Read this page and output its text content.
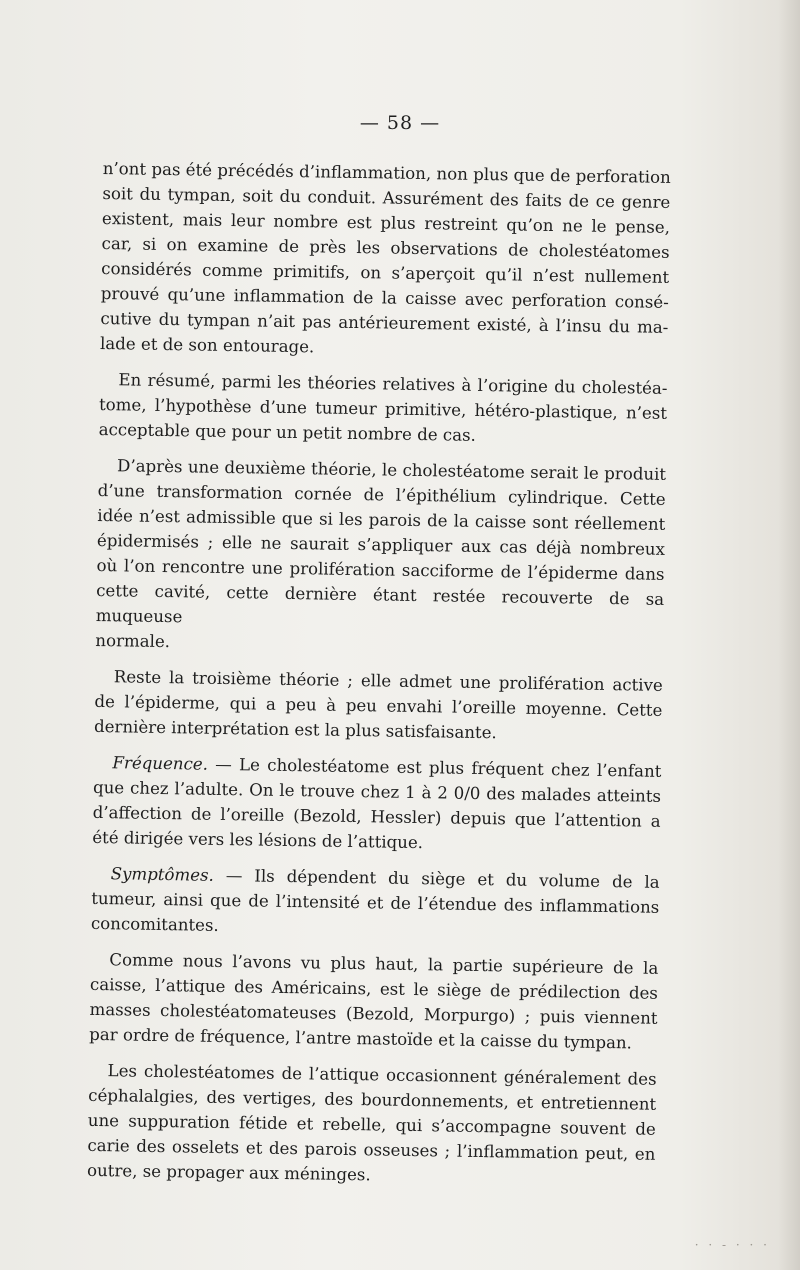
— 58 —
n’ont pas été précédés d’inflammation, non plus que de perforation
soit du tympan, soit du conduit. Assurément des faits de ce genre
existent, mais leur nombre est plus restreint qu’on ne le pense,
car, si on examine de près les observations de cholestéatomes
considérés comme primitifs, on s’aperçoit qu’il n’est nullement
prouvé qu’une inflammation de la caisse avec perforation consé-
cutive du tympan n’ait pas antérieurement existé, à l’insu du ma-
lade et de son entourage.
En résumé, parmi les théories relatives à l’origine du cholestéa-
tome, l’hypothèse d’une tumeur primitive, hétéro-plastique, n’est
acceptable que pour un petit nombre de cas.
D’après une deuxième théorie, le cholestéatome serait le produit
d’une transformation cornée de l’épithélium cylindrique. Cette
idée n’est admissible que si les parois de la caisse sont réellement
épidermisés ; elle ne saurait s’appliquer aux cas déjà nombreux
où l’on rencontre une prolifération sacciforme de l’épiderme dans
cette cavité, cette dernière étant restée recouverte de sa muqueuse
normale.
Reste la troisième théorie ; elle admet une prolifération active
de l’épiderme, qui a peu à peu envahi l’oreille moyenne. Cette
dernière interprétation est la plus satisfaisante.
Fréquence. — Le cholestéatome est plus fréquent chez l’enfant
que chez l’adulte. On le trouve chez 1 à 2 0/0 des malades atteints
d’affection de l’oreille (Bezold, Hessler) depuis que l’attention a
été dirigée vers les lésions de l’attique.
Symptômes. — Ils dépendent du siège et du volume de la
tumeur, ainsi que de l’intensité et de l’étendue des inflammations
concomitantes.
Comme nous l’avons vu plus haut, la partie supérieure de la
caisse, l’attique des Américains, est le siège de prédilection des
masses cholestéatomateuses (Bezold, Morpurgo) ; puis viennent
par ordre de fréquence, l’antre mastoïde et la caisse du tympan.
Les cholestéatomes de l’attique occasionnent généralement des
céphalalgies, des vertiges, des bourdonnements, et entretiennent
une suppuration fétide et rebelle, qui s’accompagne souvent de
carie des osselets et des parois osseuses ; l’inflammation peut, en
outre, se propager aux méninges.
· · - · · ·
